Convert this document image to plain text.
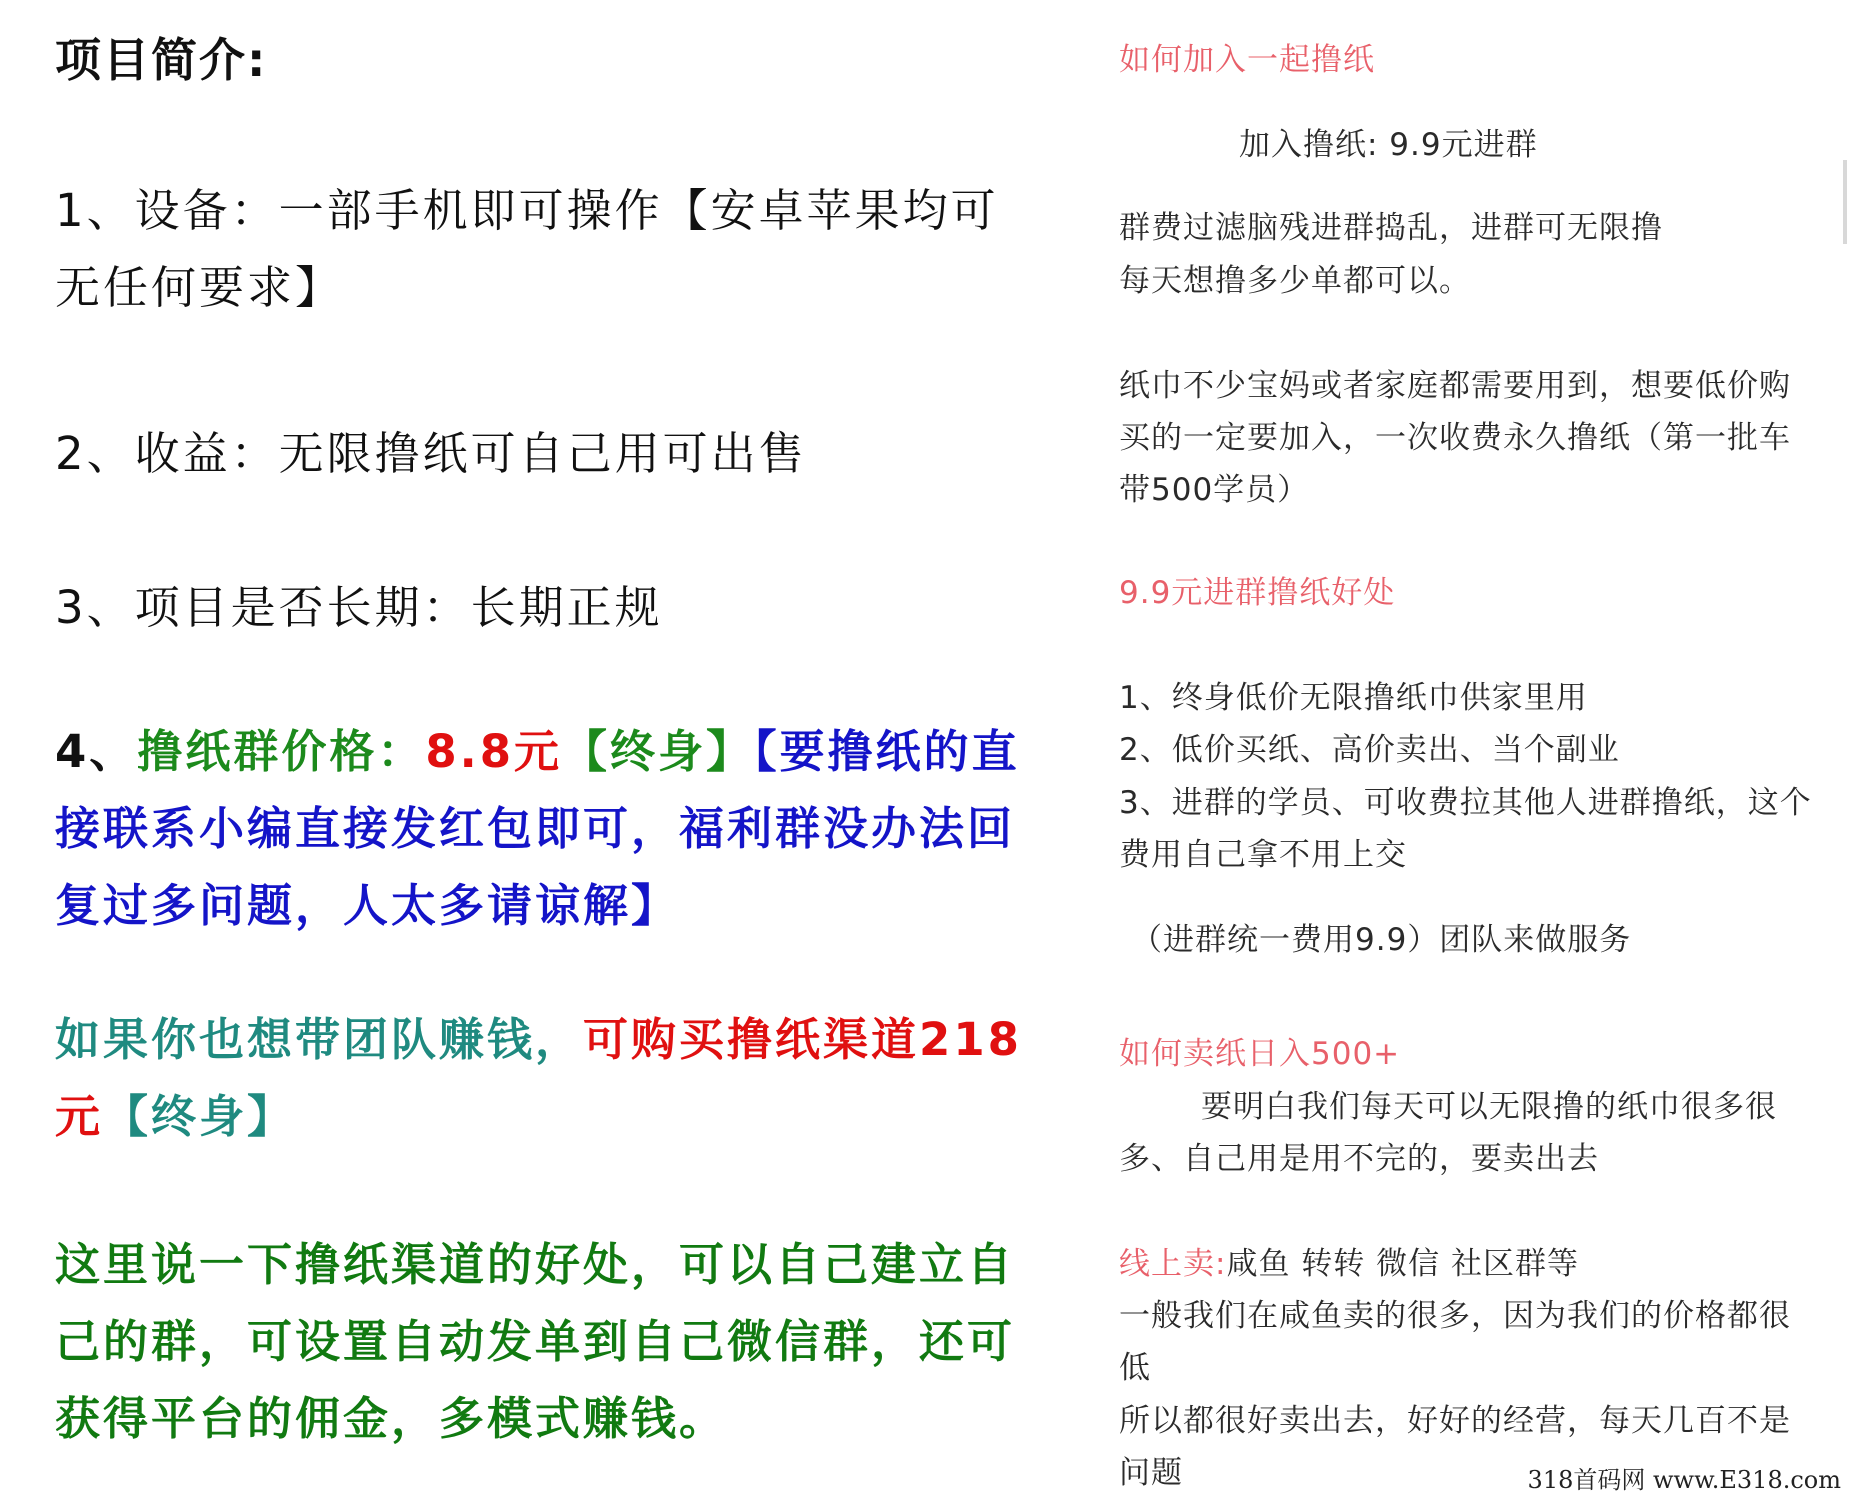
项目简介:

1、设备：一部手机即可操作【安卓苹果均可无任何要求】

2、收益：无限撸纸可自己用可出售

3、项目是否长期：长期正规

4、撸纸群价格：8.8元【终身】【要撸纸的直接联系小编直接发红包即可，福利群没办法回复过多问题，人太多请谅解】

如果你也想带团队赚钱，可购买撸纸渠道218元【终身】

这里说一下撸纸渠道的好处，可以自己建立自己的群，可设置自动发单到自己微信群，还可获得平台的佣金，多模式赚钱。

如何加入一起撸纸

加入撸纸: 9.9元进群

群费过滤脑残进群捣乱，进群可无限撸

每天想撸多少单都可以。

纸巾不少宝妈或者家庭都需要用到，想要低价购买的一定要加入，一次收费永久撸纸（第一批车带500学员）

9.9元进群撸纸好处

1、终身低价无限撸纸巾供家里用

2、低价买纸、高价卖出、当个副业

3、进群的学员、可收费拉其他人进群撸纸，这个费用自己拿不用上交

（进群统一费用9.9）团队来做服务

如何卖纸日入500+

要明白我们每天可以无限撸的纸巾很多很多、自己用是用不完的，要卖出去

线上卖:咸鱼 转转 微信 社区群等

一般我们在咸鱼卖的很多，因为我们的价格都很低

所以都很好卖出去，好好的经营，每天几百不是问题	318首码网 www.E318.com
